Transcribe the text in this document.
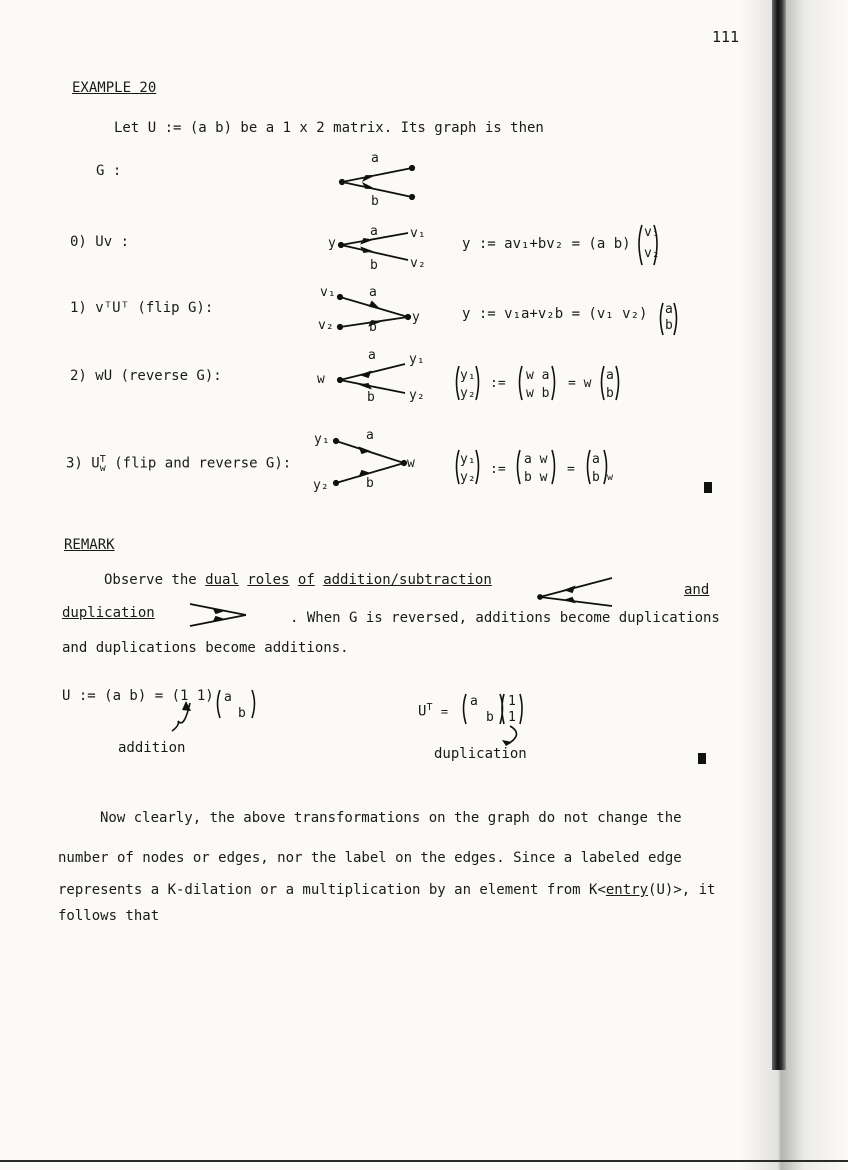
111
EXAMPLE 20
Let U := (a b) be a 1 x 2 matrix. Its graph is then
G :
a
b
0) Uv :	y
a
b
v₁
v₂
y := av₁+bv₂ = (a b)
v₁
v₂
1) vᵀUᵀ (flip G):
v₁
v₂
a
b
y	y := v₁a+v₂b = (v₁ v₂) a
b
2) wU (reverse G):	w
a
b
y₁
y₂
y₁
y₂
:=
w a
w b
= w
a
b
3) $U^T_w$ (flip and reverse G):
y₁
y₂
a
b
w	y₁
y₂
:=
a w
b w
=
a
b w
REMARK
Observe the dual roles of addition/subtraction
and
duplication	. When G is reversed, additions become duplications
and duplications become additions.
U := (a b) = (1 1) a
b
addition
$U^T$ =
a
b
1
1
duplication
Now clearly, the above transformations on the graph do not change the
number of nodes or edges, nor the label on the edges. Since a labeled edge
represents a K-dilation or a multiplication by an element from K<entry(U)>, it
follows that
